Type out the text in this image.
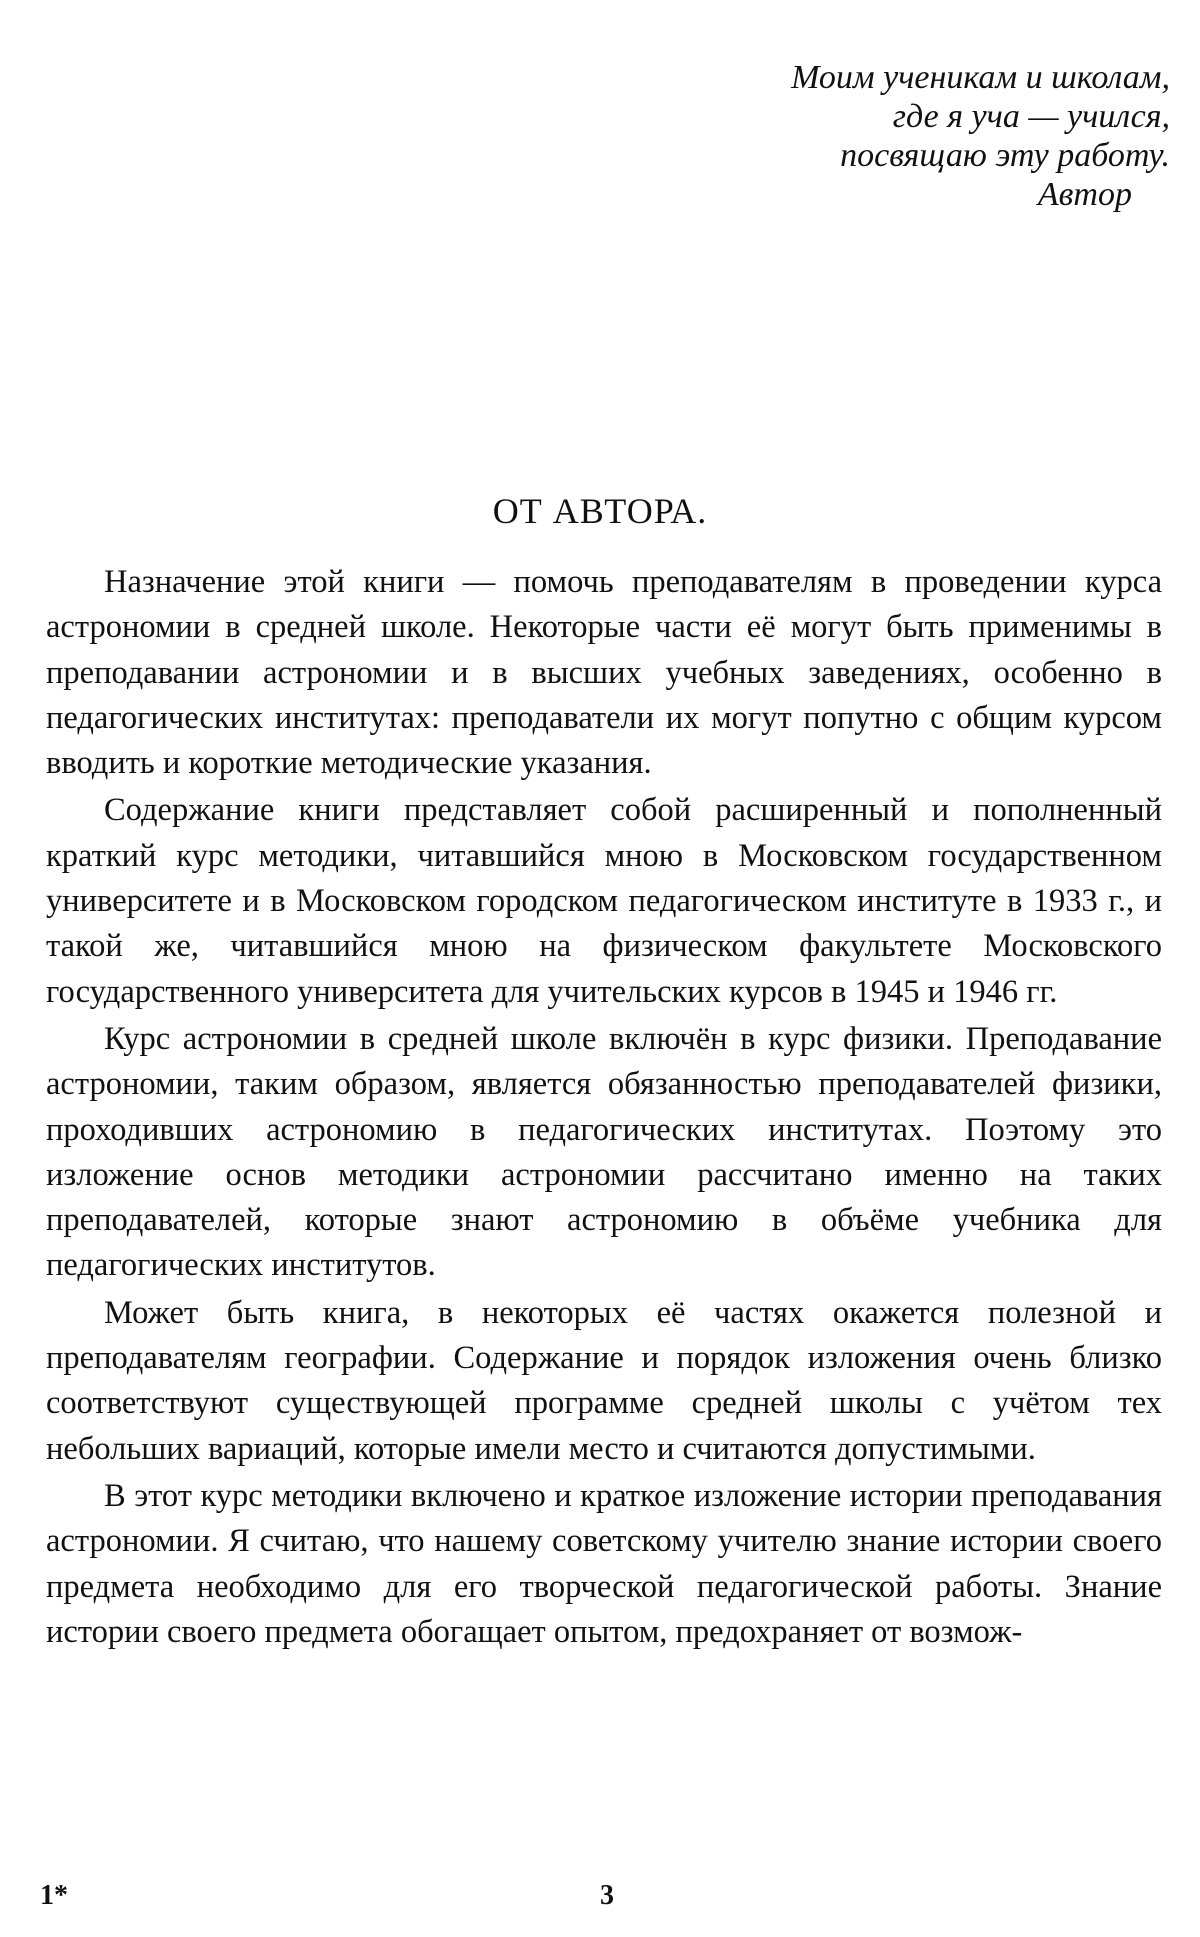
Моим ученикам и школам,
где я уча — учился,
посвящаю эту работу.
Автор
ОТ АВТОРА.

Назначение этой книги — помочь преподавателям в проведении курса астрономии в средней школе. Некоторые части её могут быть применимы в преподавании астрономии и в высших учебных заведениях, особенно в педагогических институтах: преподаватели их могут попутно с общим курсом вводить и короткие методические указания.

Содержание книги представляет собой расширенный и пополненный краткий курс методики, читавшийся мною в Московском государственном университете и в Московском городском педагогическом институте в 1933 г., и такой же, читавшийся мною на физическом факультете Московского государственного университета для учительских курсов в 1945 и 1946 гг.

Курс астрономии в средней школе включён в курс физики. Преподавание астрономии, таким образом, является обязанностью преподавателей физики, проходивших астрономию в педагогических институтах. Поэтому это изложение основ методики астрономии рассчитано именно на таких преподавателей, которые знают астрономию в объёме учебника для педагогических институтов.

Может быть книга, в некоторых её частях окажется полезной и преподавателям географии. Содержание и порядок изложения очень близко соответствуют существующей программе средней школы с учётом тех небольших вариаций, которые имели место и считаются допустимыми.

В этот курс методики включено и краткое изложение истории преподавания астрономии. Я считаю, что нашему советскому учителю знание истории своего предмета необходимо для его творческой педагогической работы. Знание истории своего предмета обогащает опытом, предохраняет от возмож-

1*	3
